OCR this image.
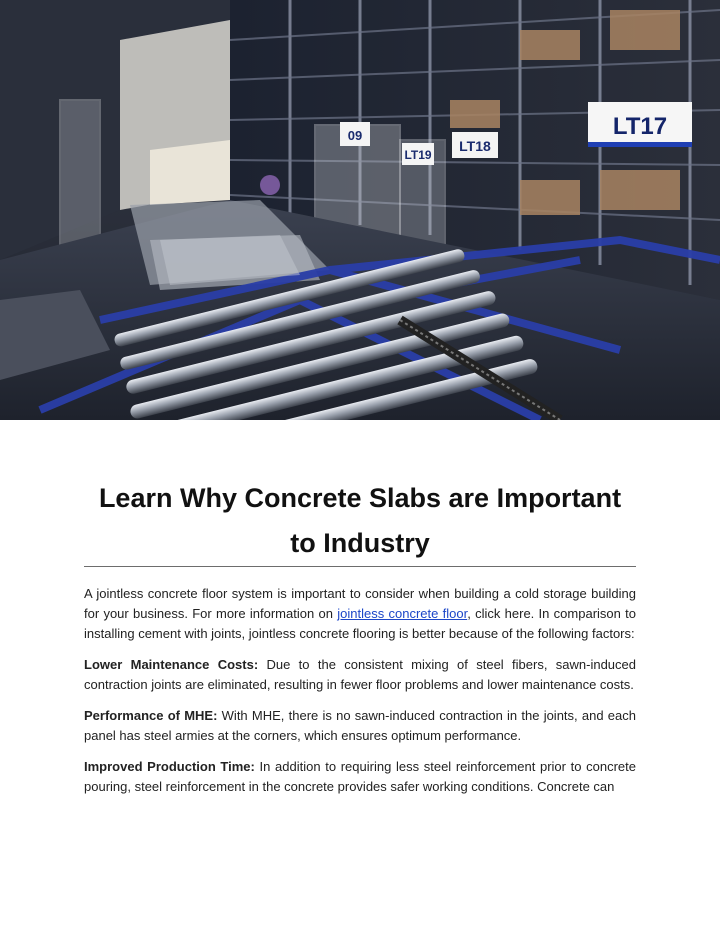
09
LT19
LT18
LT17
Learn Why Concrete Slabs are Important to Industry

A jointless concrete floor system is important to consider when building a cold storage building for your business. For more information on jointless concrete floor, click here. In comparison to installing cement with joints, jointless concrete flooring is better because of the following factors:

Lower Maintenance Costs: Due to the consistent mixing of steel fibers, sawn-induced contraction joints are eliminated, resulting in fewer floor problems and lower maintenance costs.

Performance of MHE: With MHE, there is no sawn-induced contraction in the joints, and each panel has steel armies at the corners, which ensures optimum performance.

Improved Production Time: In addition to requiring less steel reinforcement prior to concrete pouring, steel reinforcement in the concrete provides safer working conditions. Concrete can
